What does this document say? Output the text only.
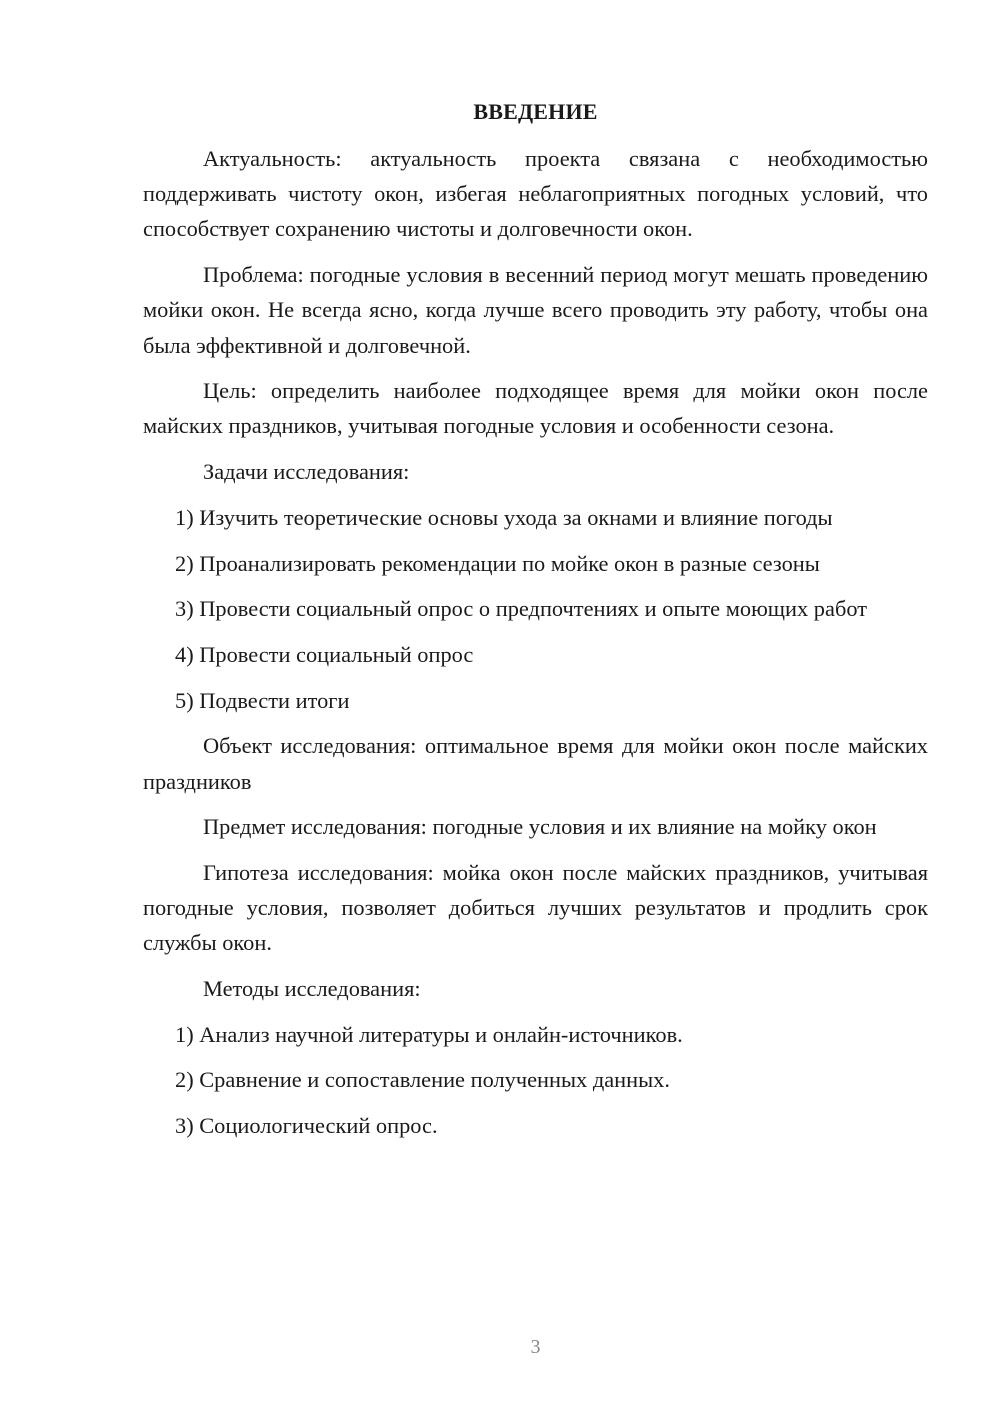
ВВЕДЕНИЕ

Актуальность: актуальность проекта связана с необходимостью поддерживать чистоту окон, избегая неблагоприятных погодных условий, что способствует сохранению чистоты и долговечности окон.

Проблема: погодные условия в весенний период могут мешать проведению мойки окон. Не всегда ясно, когда лучше всего проводить эту работу, чтобы она была эффективной и долговечной.

Цель: определить наиболее подходящее время для мойки окон после майских праздников, учитывая погодные условия и особенности сезона.

Задачи исследования:

1) Изучить теоретические основы ухода за окнами и влияние погоды

2) Проанализировать рекомендации по мойке окон в разные сезоны

3) Провести социальный опрос о предпочтениях и опыте моющих работ

4) Провести социальный опрос

5) Подвести итоги

Объект исследования: оптимальное время для мойки окон после майских праздников

Предмет исследования: погодные условия и их влияние на мойку окон

Гипотеза исследования: мойка окон после майских праздников, учитывая погодные условия, позволяет добиться лучших результатов и продлить срок службы окон.

Методы исследования:

1) Анализ научной литературы и онлайн-источников.

2) Сравнение и сопоставление полученных данных.

3) Социологический опрос.

3
